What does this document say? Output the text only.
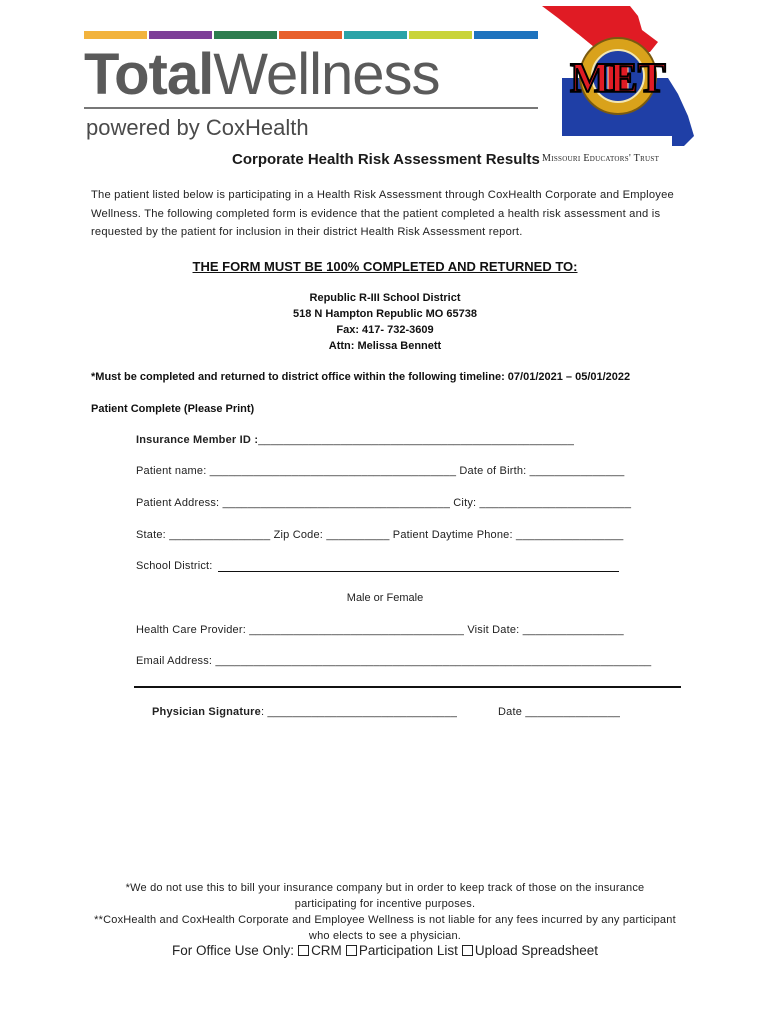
TotalWellness
powered by CoxHealth
MET
Missouri Educators' Trust
Corporate Health Risk Assessment Results
The patient listed below is participating in a Health Risk Assessment through CoxHealth Corporate and Employee
Wellness. The following completed form is evidence that the patient completed a health risk assessment and is
requested by the patient for inclusion in their district Health Risk Assessment report.
THE FORM MUST BE 100% COMPLETED AND RETURNED TO:
Republic R-III School District
518 N Hampton Republic MO 65738
Fax: 417- 732-3609
Attn: Melissa Bennett
*Must be completed and returned to district office within the following timeline: 07/01/2021 – 05/01/2022
Patient Complete (Please Print)
Insurance Member ID :__________________________________________________
Patient name: _______________________________________ Date of Birth: _______________
Patient Address: ____________________________________ City: ________________________
State: ________________ Zip Code: __________ Patient Daytime Phone: _________________
School District:
Male or Female
Health Care Provider: __________________________________ Visit Date: ________________
Email Address: _____________________________________________________________________
Physician Signature: ______________________________	Date _______________
*We do not use this to bill your insurance company but in order to keep track of those on the insurance
participating for incentive purposes.
**CoxHealth and CoxHealth Corporate and Employee Wellness is not liable for any fees incurred by any participant
who elects to see a physician.
For Office Use Only: CRM Participation List Upload Spreadsheet
